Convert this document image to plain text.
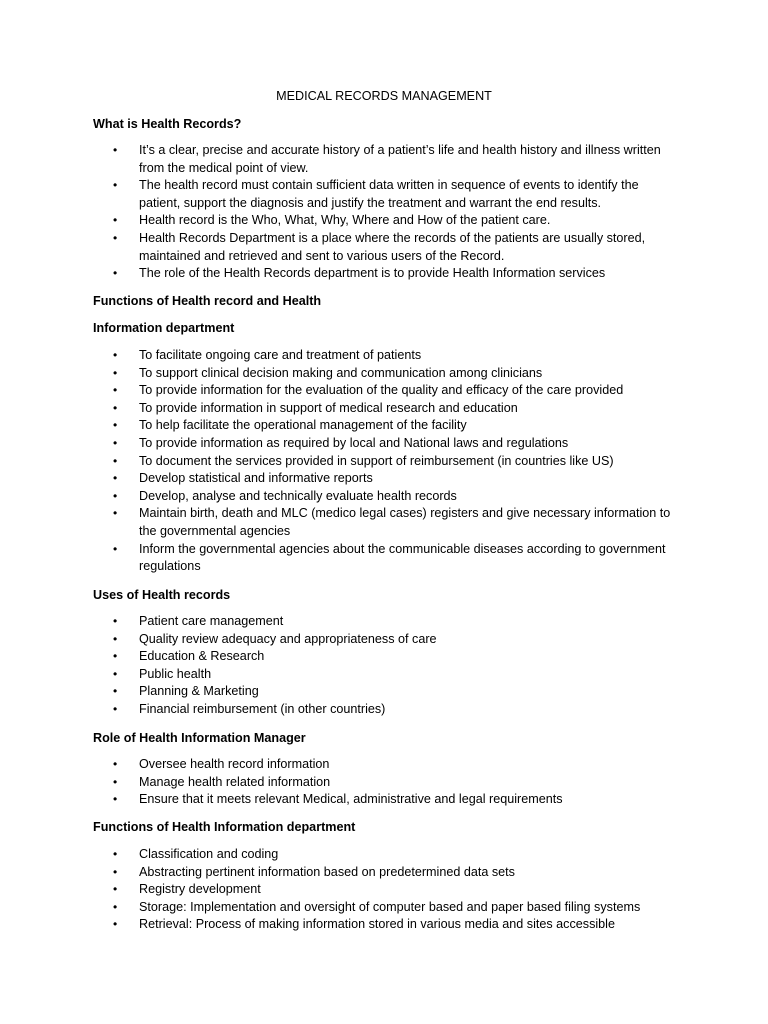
MEDICAL RECORDS MANAGEMENT
What is Health Records?
• It’s a clear, precise and accurate history of a patient’s life and health history and illness written from the medical point of view.
• The health record must contain sufficient data written in sequence of events to identify the patient, support the diagnosis and justify the treatment and warrant the end results.
• Health record is the Who, What, Why, Where and How of the patient care.
• Health Records Department is a place where the records of the patients are usually stored, maintained and retrieved and sent to various users of the Record.
• The role of the Health Records department is to provide Health Information services
Functions of Health record and Health
Information department
• To facilitate ongoing care and treatment of patients
• To support clinical decision making and communication among clinicians
• To provide information for the evaluation of the quality and efficacy of the care provided
• To provide information in support of medical research and education
• To help facilitate the operational management of the facility
• To provide information as required by local and National laws and regulations
• To document the services provided in support of reimbursement (in countries like US)
• Develop statistical and informative reports
• Develop, analyse and technically evaluate health records
• Maintain birth, death and MLC (medico legal cases) registers and give necessary information to the governmental agencies
• Inform the governmental agencies about the communicable diseases according to government regulations
Uses of Health records
• Patient care management
• Quality review adequacy and appropriateness of care
• Education & Research
• Public health
• Planning & Marketing
• Financial reimbursement (in other countries)
Role of Health Information Manager
• Oversee health record information
• Manage health related information
• Ensure that it meets relevant Medical, administrative and legal requirements
Functions of Health Information department
• Classification and coding
• Abstracting pertinent information based on predetermined data sets
• Registry development
• Storage: Implementation and oversight of computer based and paper based filing systems
• Retrieval: Process of making information stored in various media and sites accessible
